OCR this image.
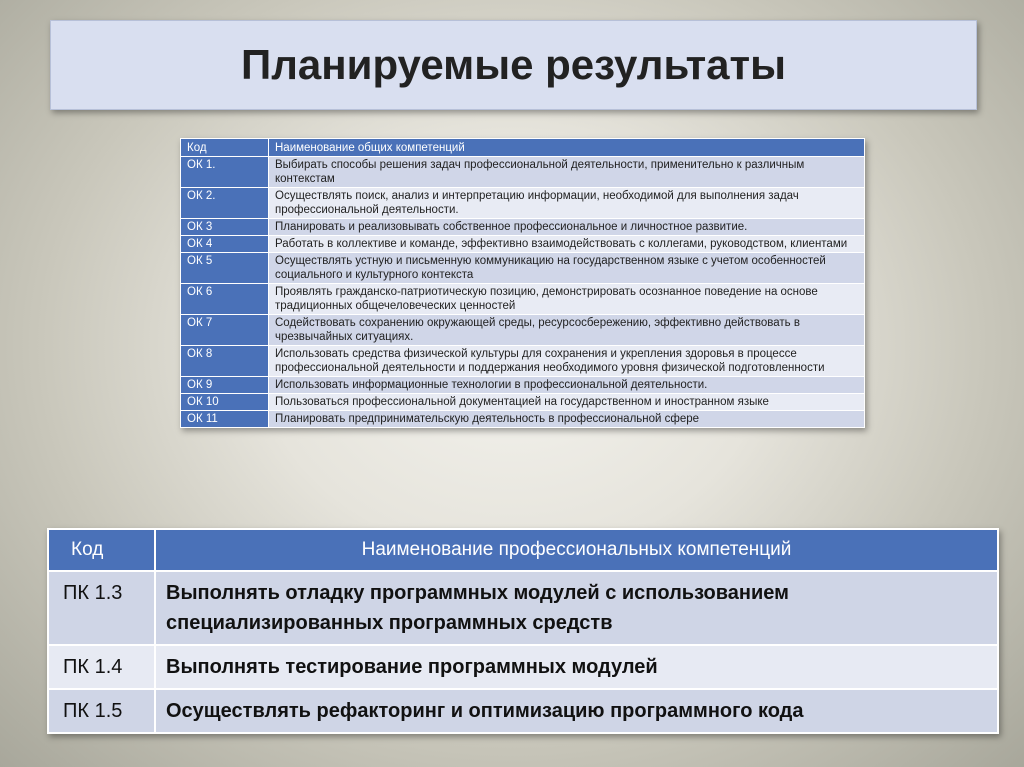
Планируемые результаты
Код	Наименование общих компетенций
ОК 1.	Выбирать способы решения задач профессиональной деятельности, применительно к различным контекстам
ОК 2.	Осуществлять поиск, анализ и интерпретацию информации, необходимой для выполнения задач профессиональной деятельности.
ОК 3	Планировать и реализовывать собственное профессиональное и личностное развитие.
ОК 4	Работать в коллективе и команде, эффективно взаимодействовать с коллегами, руководством, клиентами
ОК 5	Осуществлять устную и письменную коммуникацию на государственном языке с учетом особенностей социального и культурного контекста
ОК 6	Проявлять гражданско-патриотическую позицию, демонстрировать осознанное поведение на основе традиционных общечеловеческих ценностей
ОК 7	Содействовать сохранению окружающей среды, ресурсосбережению, эффективно действовать в чрезвычайных ситуациях.
ОК 8	Использовать средства физической культуры для сохранения и укрепления здоровья в процессе профессиональной деятельности и поддержания необходимого уровня физической подготовленности
ОК 9	Использовать информационные технологии в профессиональной деятельности.
ОК 10	Пользоваться профессиональной документацией на государственном и иностранном языке
ОК 11	Планировать предпринимательскую деятельность в профессиональной сфере
Код	Наименование профессиональных компетенций
ПК 1.3	Выполнять отладку программных модулей с использованием специализированных программных средств
ПК 1.4	Выполнять тестирование программных модулей
ПК 1.5	Осуществлять рефакторинг и оптимизацию программного кода
